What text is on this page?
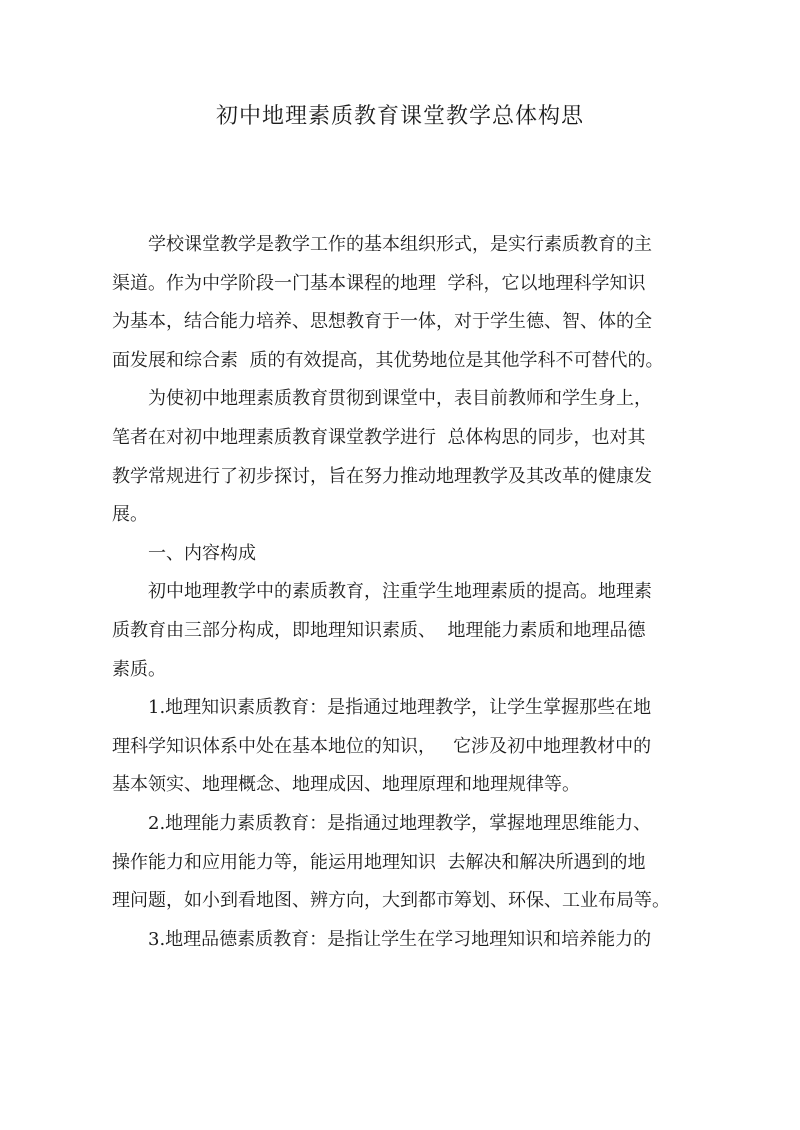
初中地理素质教育课堂教学总体构思
学校课堂教学是教学工作的基本组织形式，是实行素质教育的主
渠道。作为中学阶段一门基本课程的地理  学科，它以地理科学知识
为基本，结合能力培养、思想教育于一体，对于学生德、智、体的全
面发展和综合素  质的有效提高，其优势地位是其他学科不可替代的。
为使初中地理素质教育贯彻到课堂中，表目前教师和学生身上，
笔者在对初中地理素质教育课堂教学进行  总体构思的同步，也对其
教学常规进行了初步探讨，旨在努力推动地理教学及其改革的健康发
展。
一、内容构成
初中地理教学中的素质教育，注重学生地理素质的提高。地理素
质教育由三部分构成，即地理知识素质、  地理能力素质和地理品德
素质。
1.地理知识素质教育：是指通过地理教学，让学生掌握那些在地
理科学知识体系中处在基本地位的知识，   它涉及初中地理教材中的
基本领实、地理概念、地理成因、地理原理和地理规律等。
2.地理能力素质教育：是指通过地理教学，掌握地理思维能力、
操作能力和应用能力等，能运用地理知识  去解决和解决所遇到的地
理问题，如小到看地图、辨方向，大到都市筹划、环保、工业布局等。
3.地理品德素质教育：是指让学生在学习地理知识和培养能力的
